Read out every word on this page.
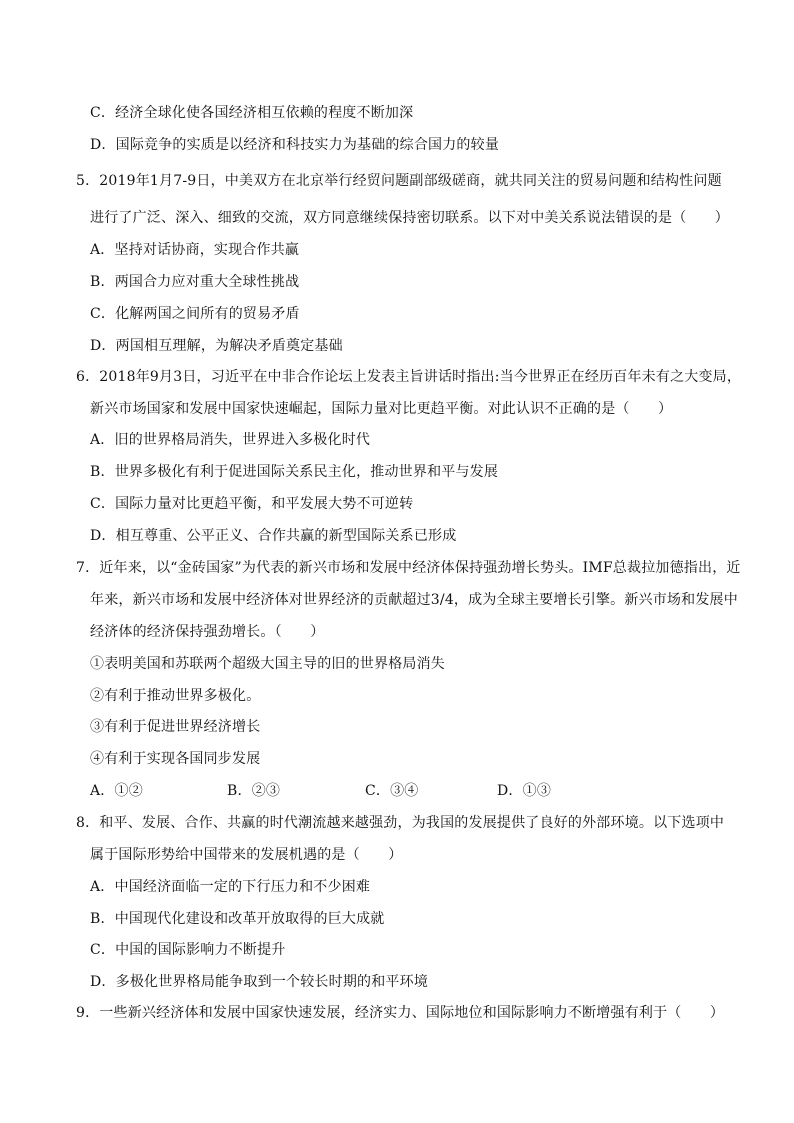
C．经济全球化使各国经济相互依赖的程度不断加深
D．国际竞争的实质是以经济和科技实力为基础的综合国力的较量
5．2019年1月7-9日，中美双方在北京举行经贸问题副部级磋商，就共同关注的贸易问题和结构性问题
进行了广泛、深入、细致的交流，双方同意继续保持密切联系。以下对中美关系说法错误的是（　　）
A．坚持对话协商，实现合作共赢
B．两国合力应对重大全球性挑战
C．化解两国之间所有的贸易矛盾
D．两国相互理解，为解决矛盾奠定基础
6．2018年9月3日，习近平在中非合作论坛上发表主旨讲话时指出:当今世界正在经历百年未有之大变局，
新兴市场国家和发展中国家快速崛起，国际力量对比更趋平衡。对此认识不正确的是（　　）
A．旧的世界格局消失，世界进入多极化时代
B．世界多极化有利于促进国际关系民主化，推动世界和平与发展
C．国际力量对比更趋平衡，和平发展大势不可逆转
D．相互尊重、公平正义、合作共赢的新型国际关系已形成
7．近年来，以“金砖国家”为代表的新兴市场和发展中经济体保持强劲增长势头。IMF总裁拉加德指出，近
年来，新兴市场和发展中经济体对世界经济的贡献超过3/4，成为全球主要增长引擎。新兴市场和发展中
经济体的经济保持强劲增长。（　　）
①表明美国和苏联两个超级大国主导的旧的世界格局消失
②有利于推动世界多极化。
③有利于促进世界经济增长
④有利于实现各国同步发展
A．①②	B．②③	C．③④	D．①③
8．和平、发展、合作、共赢的时代潮流越来越强劲，为我国的发展提供了良好的外部环境。以下选项中
属于国际形势给中国带来的发展机遇的是（　　）
A．中国经济面临一定的下行压力和不少困难
B．中国现代化建设和改革开放取得的巨大成就
C．中国的国际影响力不断提升
D．多极化世界格局能争取到一个较长时期的和平环境
9．一些新兴经济体和发展中国家快速发展，经济实力、国际地位和国际影响力不断增强有利于（　　）
